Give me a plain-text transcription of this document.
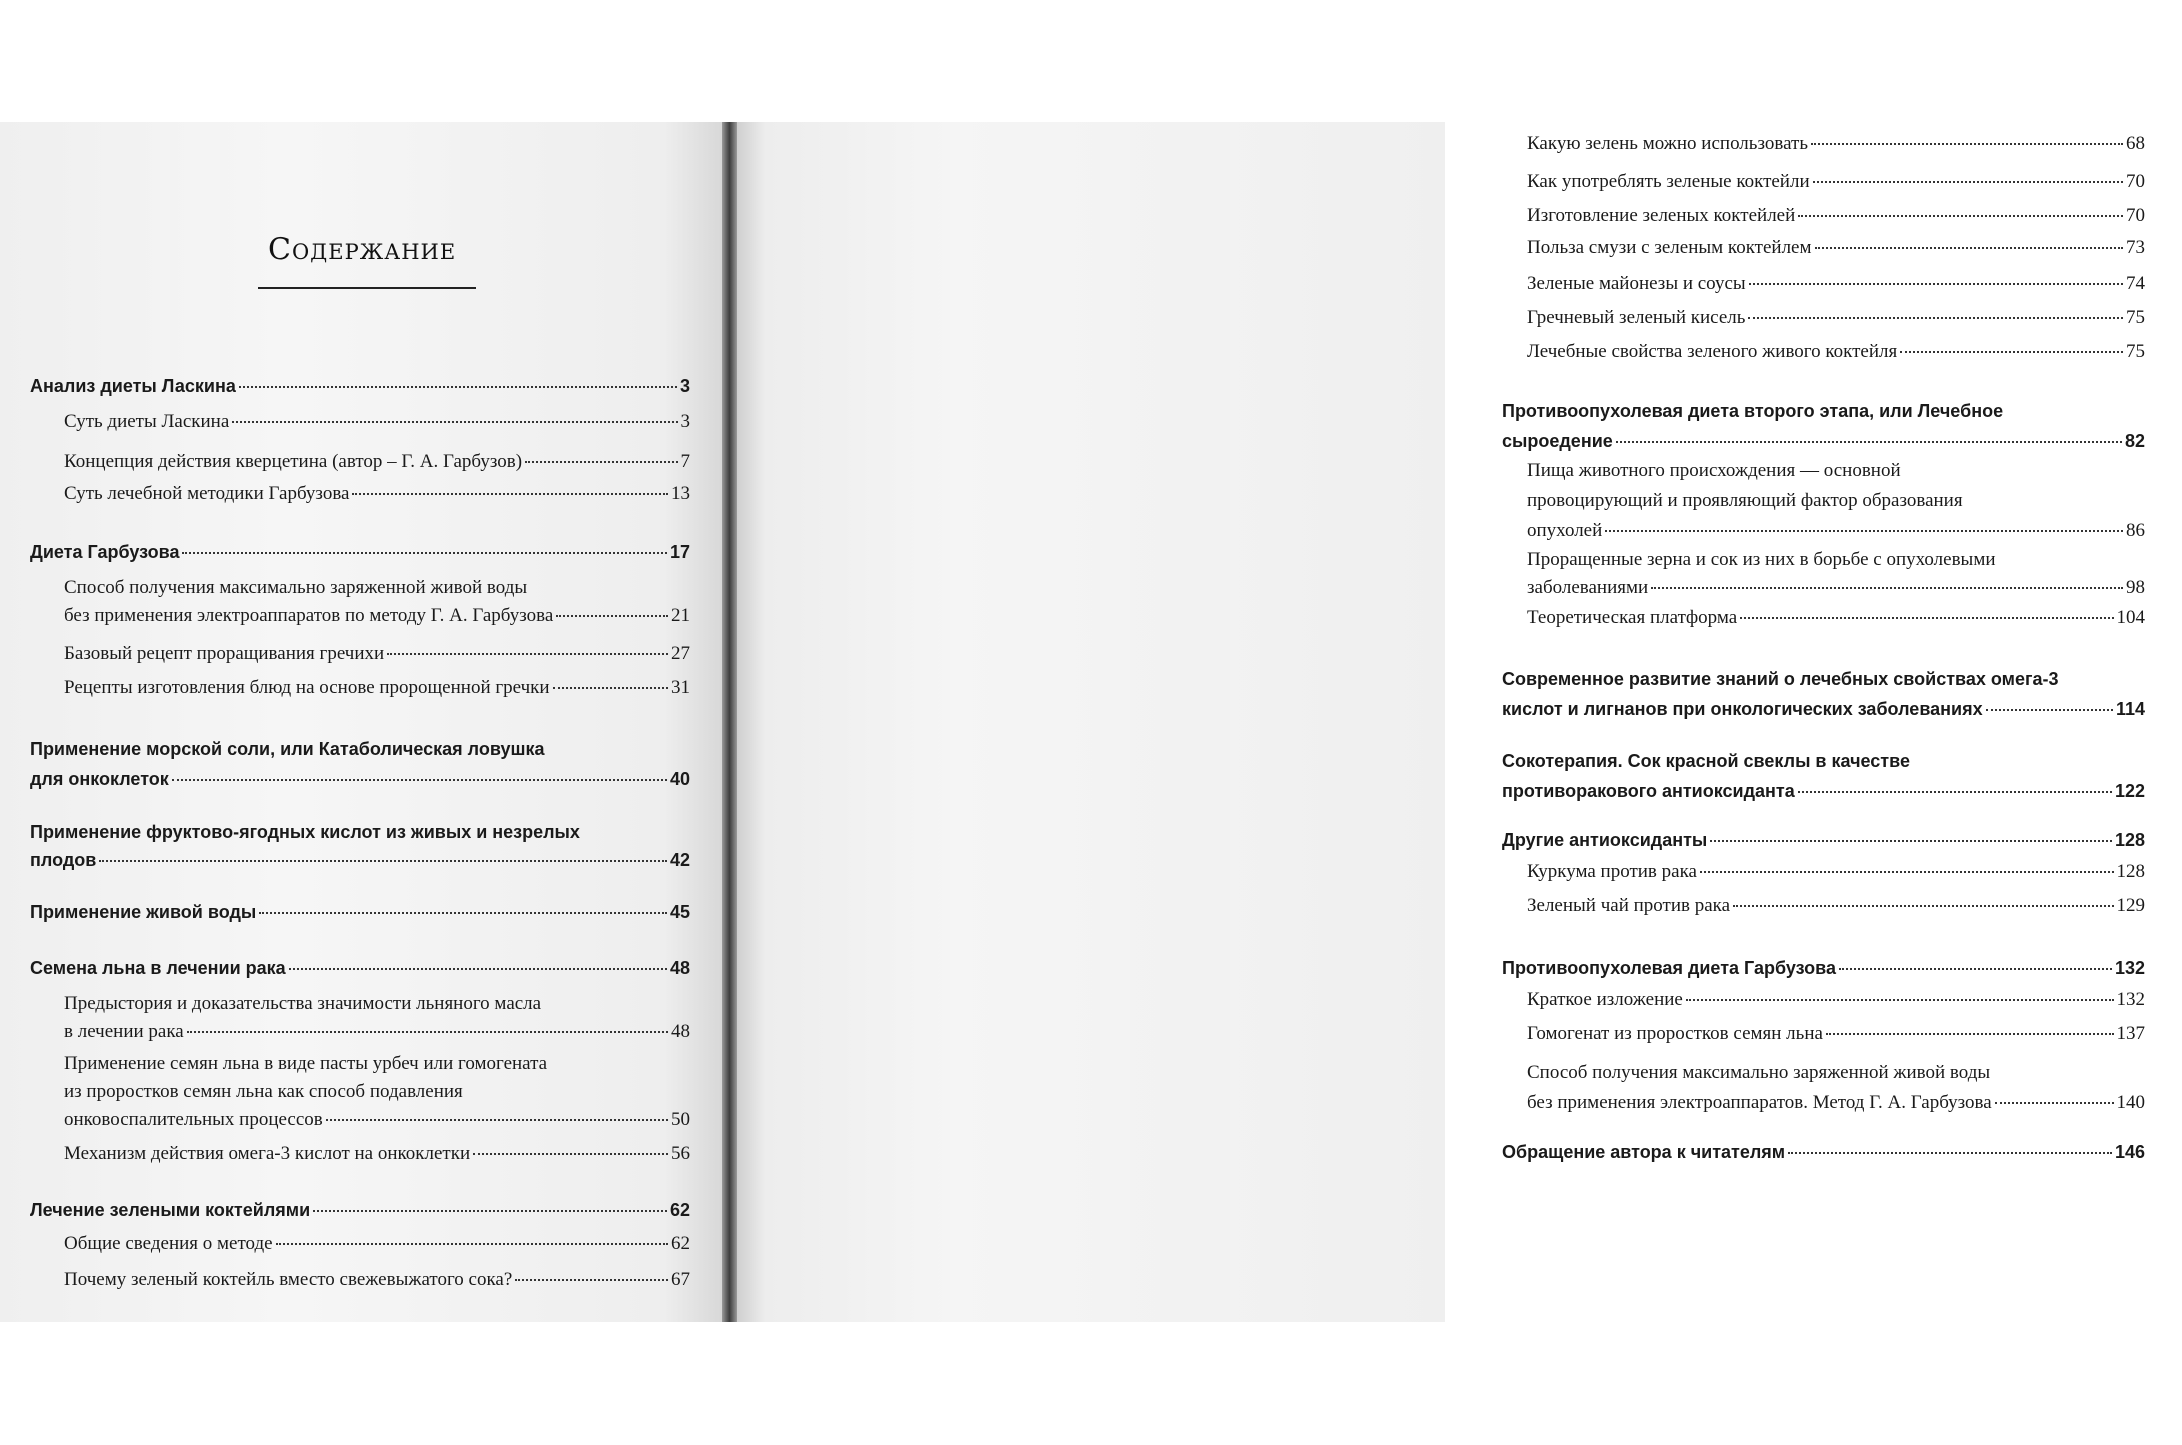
Содержание
Анализ диеты Ласкина	3
Суть диеты Ласкина	3
Концепция действия кверцетина (автор – Г. А. Гарбузов)	7
Суть лечебной методики Гарбузова	13
Диета Гарбузова	17
Способ получения максимально заряженной живой воды
без применения электроаппаратов по методу Г. А. Гарбузова	21
Базовый рецепт проращивания гречихи	27
Рецепты изготовления блюд на основе пророщенной гречки	31
Применение морской соли, или Катаболическая ловушка
для онкоклеток	40
Применение фруктово-ягодных кислот из живых и незрелых
плодов	42
Применение живой воды	45
Семена льна в лечении рака	48
Предыстория и доказательства значимости льняного масла
в лечении рака	48
Применение семян льна в виде пасты урбеч или гомогената
из проростков семян льна как способ подавления
онковоспалительных процессов	50
Механизм действия омега-3 кислот на онкоклетки	56
Лечение зелеными коктейлями	62
Общие сведения о методе	62
Почему зеленый коктейль вместо свежевыжатого сока?	67
Какую зелень можно использовать	68
Как употреблять зеленые коктейли	70
Изготовление зеленых коктейлей	70
Польза смузи с зеленым коктейлем	73
Зеленые майонезы и соусы	74
Гречневый зеленый кисель	75
Лечебные свойства зеленого живого коктейля	75
Противоопухолевая диета второго этапа, или Лечебное
сыроедение	82
Пища животного происхождения — основной
провоцирующий и проявляющий фактор образования
опухолей	86
Проращенные зерна и сок из них в борьбе с опухолевыми
заболеваниями	98
Теоретическая платформа	104
Современное развитие знаний о лечебных свойствах омега-3
кислот и лигнанов при онкологических заболеваниях	114
Сокотерапия. Сок красной свеклы в качестве
противоракового антиоксиданта	122
Другие антиоксиданты	128
Куркума против рака	128
Зеленый чай против рака	129
Противоопухолевая диета Гарбузова	132
Краткое изложение	132
Гомогенат из проростков семян льна	137
Способ получения максимально заряженной живой воды
без применения электроаппаратов. Метод Г. А. Гарбузова	140
Обращение автора к читателям	146
